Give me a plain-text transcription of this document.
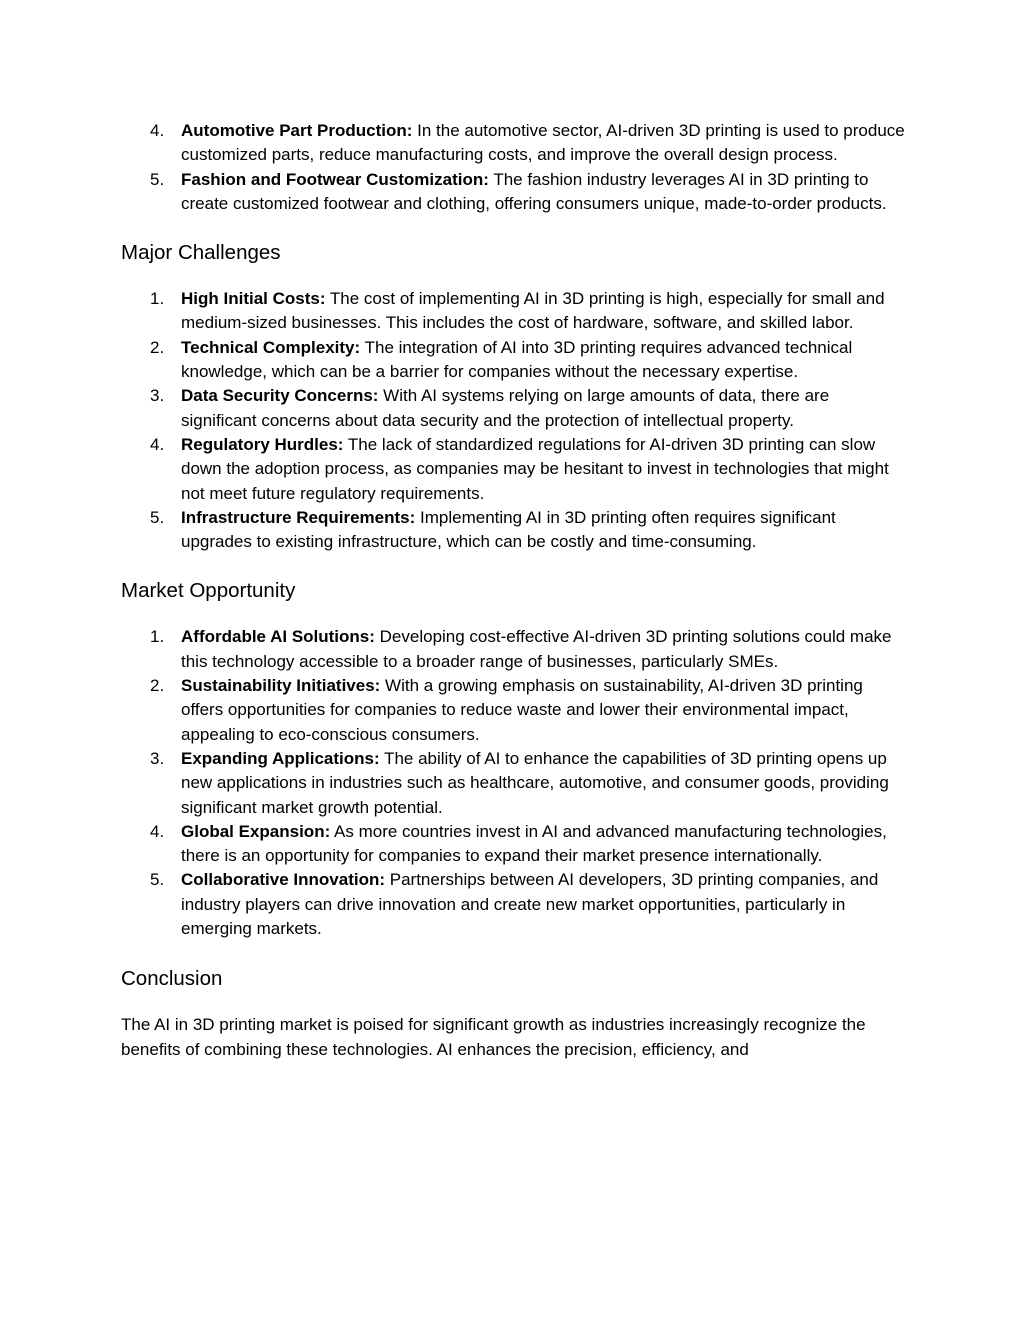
4. Automotive Part Production: In the automotive sector, AI-driven 3D printing is used to produce customized parts, reduce manufacturing costs, and improve the overall design process.
5. Fashion and Footwear Customization: The fashion industry leverages AI in 3D printing to create customized footwear and clothing, offering consumers unique, made-to-order products.
Major Challenges
1. High Initial Costs: The cost of implementing AI in 3D printing is high, especially for small and medium-sized businesses. This includes the cost of hardware, software, and skilled labor.
2. Technical Complexity: The integration of AI into 3D printing requires advanced technical knowledge, which can be a barrier for companies without the necessary expertise.
3. Data Security Concerns: With AI systems relying on large amounts of data, there are significant concerns about data security and the protection of intellectual property.
4. Regulatory Hurdles: The lack of standardized regulations for AI-driven 3D printing can slow down the adoption process, as companies may be hesitant to invest in technologies that might not meet future regulatory requirements.
5. Infrastructure Requirements: Implementing AI in 3D printing often requires significant upgrades to existing infrastructure, which can be costly and time-consuming.
Market Opportunity
1. Affordable AI Solutions: Developing cost-effective AI-driven 3D printing solutions could make this technology accessible to a broader range of businesses, particularly SMEs.
2. Sustainability Initiatives: With a growing emphasis on sustainability, AI-driven 3D printing offers opportunities for companies to reduce waste and lower their environmental impact, appealing to eco-conscious consumers.
3. Expanding Applications: The ability of AI to enhance the capabilities of 3D printing opens up new applications in industries such as healthcare, automotive, and consumer goods, providing significant market growth potential.
4. Global Expansion: As more countries invest in AI and advanced manufacturing technologies, there is an opportunity for companies to expand their market presence internationally.
5. Collaborative Innovation: Partnerships between AI developers, 3D printing companies, and industry players can drive innovation and create new market opportunities, particularly in emerging markets.
Conclusion

The AI in 3D printing market is poised for significant growth as industries increasingly recognize the benefits of combining these technologies. AI enhances the precision, efficiency, and
